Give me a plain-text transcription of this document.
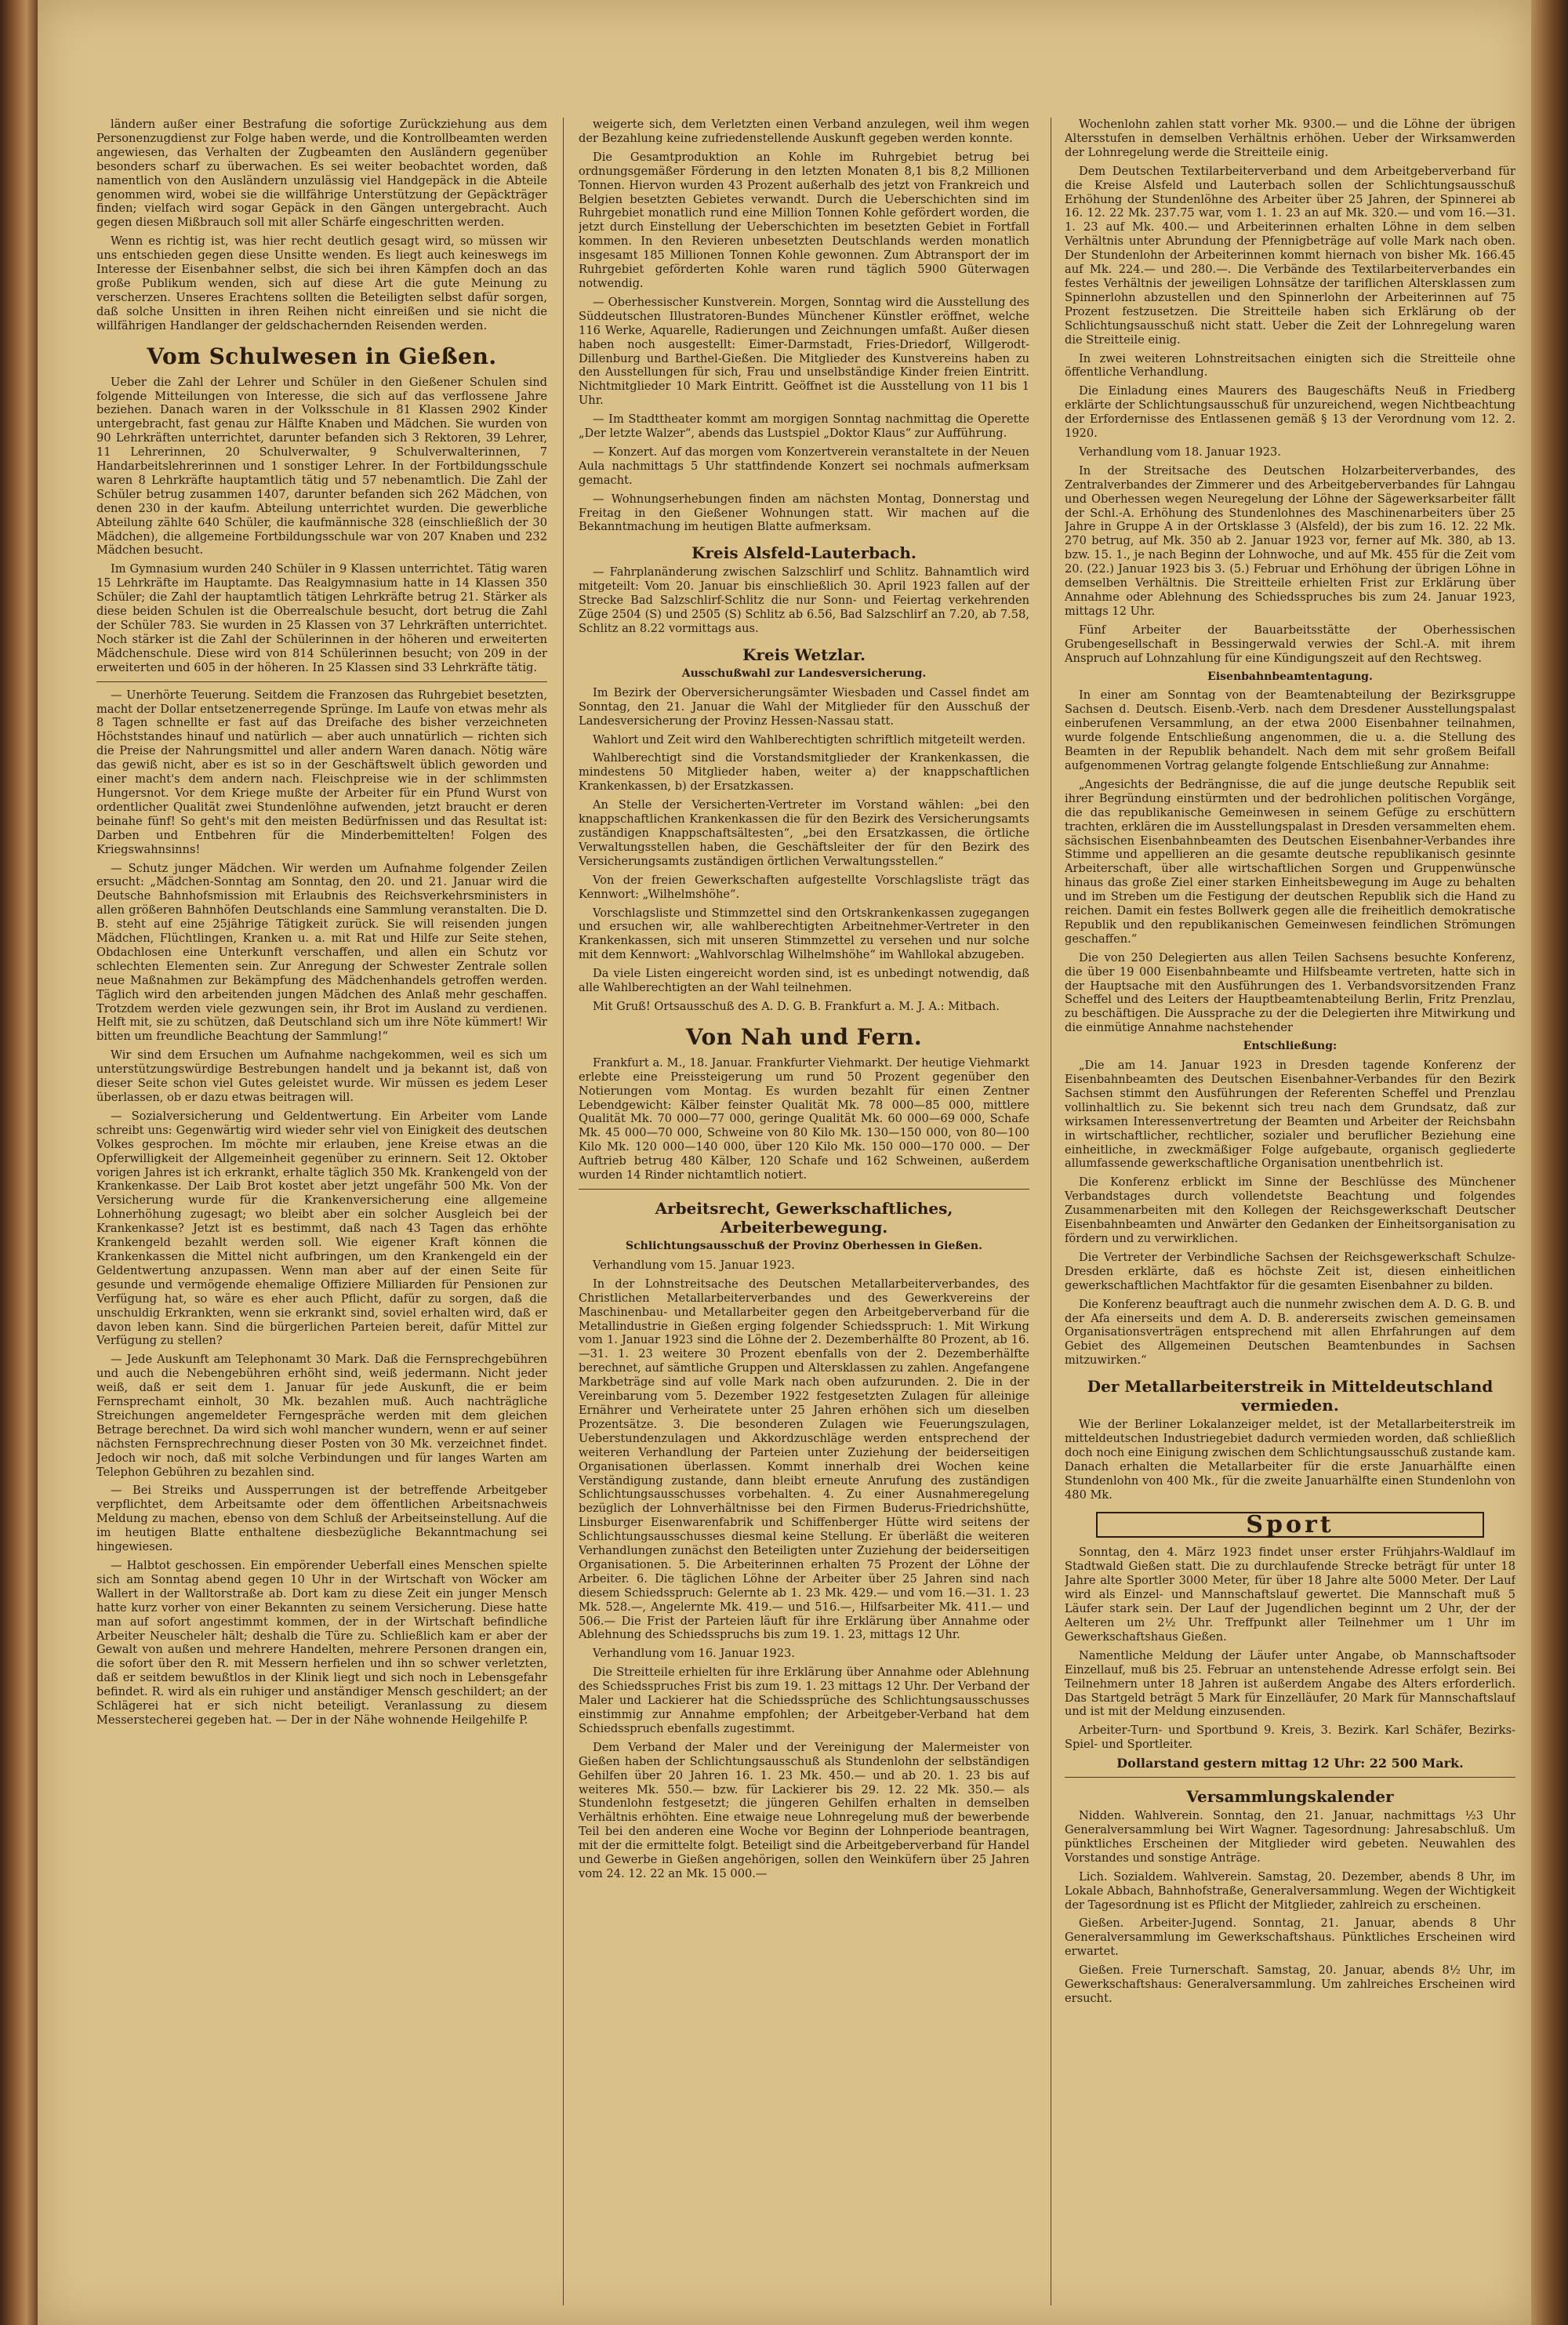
ländern außer einer Bestrafung die sofortige Zurückziehung aus dem Personenzugdienst zur Folge haben werde, und die Kontrollbeamten werden angewiesen, das Verhalten der Zugbeamten den Ausländern gegenüber besonders scharf zu überwachen. Es sei weiter beobachtet worden, daß namentlich von den Ausländern unzulässig viel Handgepäck in die Abteile genommen wird, wobei sie die willfährige Unterstützung der Gepäckträger finden; vielfach wird sogar Gepäck in den Gängen untergebracht. Auch gegen diesen Mißbrauch soll mit aller Schärfe eingeschritten werden.

Wenn es richtig ist, was hier recht deutlich gesagt wird, so müssen wir uns entschieden gegen diese Unsitte wenden. Es liegt auch keineswegs im Interesse der Eisenbahner selbst, die sich bei ihren Kämpfen doch an das große Publikum wenden, sich auf diese Art die gute Meinung zu verscherzen. Unseres Erachtens sollten die Beteiligten selbst dafür sorgen, daß solche Unsitten in ihren Reihen nicht einreißen und sie nicht die willfährigen Handlanger der geldschachernden Reisenden werden.

Vom Schulwesen in Gießen.

Ueber die Zahl der Lehrer und Schüler in den Gießener Schulen sind folgende Mitteilungen von Interesse, die sich auf das verflossene Jahre beziehen. Danach waren in der Volksschule in 81 Klassen 2902 Kinder untergebracht, fast genau zur Hälfte Knaben und Mädchen. Sie wurden von 90 Lehrkräften unterrichtet, darunter befanden sich 3 Rektoren, 39 Lehrer, 11 Lehrerinnen, 20 Schulverwalter, 9 Schulverwalterinnen, 7 Handarbeitslehrerinnen und 1 sonstiger Lehrer. In der Fortbildungsschule waren 8 Lehrkräfte hauptamtlich tätig und 57 nebenamtlich. Die Zahl der Schüler betrug zusammen 1407, darunter befanden sich 262 Mädchen, von denen 230 in der kaufm. Abteilung unterrichtet wurden. Die gewerbliche Abteilung zählte 640 Schüler, die kaufmännische 328 (einschließlich der 30 Mädchen), die allgemeine Fortbildungsschule war von 207 Knaben und 232 Mädchen besucht.

Im Gymnasium wurden 240 Schüler in 9 Klassen unterrichtet. Tätig waren 15 Lehrkräfte im Hauptamte. Das Realgymnasium hatte in 14 Klassen 350 Schüler; die Zahl der hauptamtlich tätigen Lehrkräfte betrug 21. Stärker als diese beiden Schulen ist die Oberrealschule besucht, dort betrug die Zahl der Schüler 783. Sie wurden in 25 Klassen von 37 Lehrkräften unterrichtet. Noch stärker ist die Zahl der Schülerinnen in der höheren und erweiterten Mädchenschule. Diese wird von 814 Schülerinnen besucht; von 209 in der erweiterten und 605 in der höheren. In 25 Klassen sind 33 Lehrkräfte tätig.

— Unerhörte Teuerung. Seitdem die Franzosen das Ruhrgebiet besetzten, macht der Dollar entsetzenerregende Sprünge. Im Laufe von etwas mehr als 8 Tagen schnellte er fast auf das Dreifache des bisher verzeichneten Höchststandes hinauf und natürlich — aber auch unnatürlich — richten sich die Preise der Nahrungsmittel und aller andern Waren danach. Nötig wäre das gewiß nicht, aber es ist so in der Geschäftswelt üblich geworden und einer macht's dem andern nach. Fleischpreise wie in der schlimmsten Hungersnot. Vor dem Kriege mußte der Arbeiter für ein Pfund Wurst von ordentlicher Qualität zwei Stundenlöhne aufwenden, jetzt braucht er deren beinahe fünf! So geht's mit den meisten Bedürfnissen und das Resultat ist: Darben und Entbehren für die Minderbemittelten! Folgen des Kriegswahnsinns!

— Schutz junger Mädchen. Wir werden um Aufnahme folgender Zeilen ersucht: „Mädchen-Sonntag am Sonntag, den 20. und 21. Januar wird die Deutsche Bahnhofsmission mit Erlaubnis des Reichsverkehrsministers in allen größeren Bahnhöfen Deutschlands eine Sammlung veranstalten. Die D. B. steht auf eine 25jährige Tätigkeit zurück. Sie will reisenden jungen Mädchen, Flüchtlingen, Kranken u. a. mit Rat und Hilfe zur Seite stehen, Obdachlosen eine Unterkunft verschaffen, und allen ein Schutz vor schlechten Elementen sein. Zur Anregung der Schwester Zentrale sollen neue Maßnahmen zur Bekämpfung des Mädchenhandels getroffen werden. Täglich wird den arbeitenden jungen Mädchen des Anlaß mehr geschaffen. Trotzdem werden viele gezwungen sein, ihr Brot im Ausland zu verdienen. Helft mit, sie zu schützen, daß Deutschland sich um ihre Nöte kümmert! Wir bitten um freundliche Beachtung der Sammlung!“

Wir sind dem Ersuchen um Aufnahme nachgekommen, weil es sich um unterstützungswürdige Bestrebungen handelt und ja bekannt ist, daß von dieser Seite schon viel Gutes geleistet wurde. Wir müssen es jedem Leser überlassen, ob er dazu etwas beitragen will.

— Sozialversicherung und Geldentwertung. Ein Arbeiter vom Lande schreibt uns: Gegenwärtig wird wieder sehr viel von Einigkeit des deutschen Volkes gesprochen. Im möchte mir erlauben, jene Kreise etwas an die Opferwilligkeit der Allgemeinheit gegenüber zu erinnern. Seit 12. Oktober vorigen Jahres ist ich erkrankt, erhalte täglich 350 Mk. Krankengeld von der Krankenkasse. Der Laib Brot kostet aber jetzt ungefähr 500 Mk. Von der Versicherung wurde für die Krankenversicherung eine allgemeine Lohnerhöhung zugesagt; wo bleibt aber ein solcher Ausgleich bei der Krankenkasse? Jetzt ist es bestimmt, daß nach 43 Tagen das erhöhte Krankengeld bezahlt werden soll. Wie eigener Kraft können die Krankenkassen die Mittel nicht aufbringen, um den Krankengeld ein der Geldentwertung anzupassen. Wenn man aber auf der einen Seite für gesunde und vermögende ehemalige Offiziere Milliarden für Pensionen zur Verfügung hat, so wäre es eher auch Pflicht, dafür zu sorgen, daß die unschuldig Erkrankten, wenn sie erkrankt sind, soviel erhalten wird, daß er davon leben kann. Sind die bürgerlichen Parteien bereit, dafür Mittel zur Verfügung zu stellen?

— Jede Auskunft am Telephonamt 30 Mark. Daß die Fernsprechgebühren und auch die Nebengebühren erhöht sind, weiß jedermann. Nicht jeder weiß, daß er seit dem 1. Januar für jede Auskunft, die er beim Fernsprechamt einholt, 30 Mk. bezahlen muß. Auch nachträgliche Streichungen angemeldeter Ferngespräche werden mit dem gleichen Betrage berechnet. Da wird sich wohl mancher wundern, wenn er auf seiner nächsten Fernsprechrechnung dieser Posten von 30 Mk. verzeichnet findet. Jedoch wir noch, daß mit solche Verbindungen und für langes Warten am Telephon Gebühren zu bezahlen sind.

— Bei Streiks und Aussperrungen ist der betreffende Arbeitgeber verpflichtet, dem Arbeitsamte oder dem öffentlichen Arbeitsnachweis Meldung zu machen, ebenso von dem Schluß der Arbeitseinstellung. Auf die im heutigen Blatte enthaltene diesbezügliche Bekanntmachung sei hingewiesen.

— Halbtot geschossen. Ein empörender Ueberfall eines Menschen spielte sich am Sonntag abend gegen 10 Uhr in der Wirtschaft von Wöcker am Wallert in der Walltorstraße ab. Dort kam zu diese Zeit ein junger Mensch hatte kurz vorher von einer Bekannten zu seinem Versicherung. Diese hatte man auf sofort angestimmt kommen, der in der Wirtschaft befindliche Arbeiter Neuscheler hält; deshalb die Türe zu. Schließlich kam er aber der Gewalt von außen und mehrere Handelten, mehrere Personen drangen ein, die sofort über den R. mit Messern herfielen und ihn so schwer verletzten, daß er seitdem bewußtlos in der Klinik liegt und sich noch in Lebensgefahr befindet. R. wird als ein ruhiger und anständiger Mensch geschildert; an der Schlägerei hat er sich nicht beteiligt. Veranlassung zu diesem Messerstecherei gegeben hat. — Der in der Nähe wohnende Heilgehilfe P.

weigerte sich, dem Verletzten einen Verband anzulegen, weil ihm wegen der Bezahlung keine zufriedenstellende Auskunft gegeben werden konnte.

Die Gesamtproduktion an Kohle im Ruhrgebiet betrug bei ordnungsgemäßer Förderung in den letzten Monaten 8,1 bis 8,2 Millionen Tonnen. Hiervon wurden 43 Prozent außerhalb des jetzt von Frankreich und Belgien besetzten Gebietes verwandt. Durch die Ueberschichten sind im Ruhrgebiet monatlich rund eine Million Tonnen Kohle gefördert worden, die jetzt durch Einstellung der Ueberschichten im besetzten Gebiet in Fortfall kommen. In den Revieren unbesetzten Deutschlands werden monatlich insgesamt 185 Millionen Tonnen Kohle gewonnen. Zum Abtransport der im Ruhrgebiet geförderten Kohle waren rund täglich 5900 Güterwagen notwendig.

— Oberhessischer Kunstverein. Morgen, Sonntag wird die Ausstellung des Süddeutschen Illustratoren-Bundes Münchener Künstler eröffnet, welche 116 Werke, Aquarelle, Radierungen und Zeichnungen umfaßt. Außer diesen haben noch ausgestellt: Eimer-Darmstadt, Fries-Driedorf, Willgerodt-Dillenburg und Barthel-Gießen. Die Mitglieder des Kunstvereins haben zu den Ausstellungen für sich, Frau und unselbständige Kinder freien Eintritt. Nichtmitglieder 10 Mark Eintritt. Geöffnet ist die Ausstellung von 11 bis 1 Uhr.

— Im Stadttheater kommt am morgigen Sonntag nachmittag die Operette „Der letzte Walzer“, abends das Lustspiel „Doktor Klaus“ zur Aufführung.

— Konzert. Auf das morgen vom Konzertverein veranstaltete in der Neuen Aula nachmittags 5 Uhr stattfindende Konzert sei nochmals aufmerksam gemacht.

— Wohnungserhebungen finden am nächsten Montag, Donnerstag und Freitag in den Gießener Wohnungen statt. Wir machen auf die Bekanntmachung im heutigen Blatte aufmerksam.

Kreis Alsfeld-Lauterbach.

— Fahrplanänderung zwischen Salzschlirf und Schlitz. Bahnamtlich wird mitgeteilt: Vom 20. Januar bis einschließlich 30. April 1923 fallen auf der Strecke Bad Salzschlirf-Schlitz die nur Sonn- und Feiertag verkehrenden Züge 2504 (S) und 2505 (S) Schlitz ab 6.56, Bad Salzschlirf an 7.20, ab 7.58, Schlitz an 8.22 vormittags aus.

Kreis Wetzlar.
Ausschußwahl zur Landesversicherung.

Im Bezirk der Oberversicherungsämter Wiesbaden und Cassel findet am Sonntag, den 21. Januar die Wahl der Mitglieder für den Ausschuß der Landesversicherung der Provinz Hessen-Nassau statt.

Wahlort und Zeit wird den Wahlberechtigten schriftlich mitgeteilt werden.

Wahlberechtigt sind die Vorstandsmitglieder der Krankenkassen, die mindestens 50 Mitglieder haben, weiter a) der knappschaftlichen Krankenkassen, b) der Ersatzkassen.

An Stelle der Versicherten-Vertreter im Vorstand wählen: „bei den knappschaftlichen Krankenkassen die für den Bezirk des Versicherungsamts zuständigen Knappschaftsältesten“, „bei den Ersatzkassen, die örtliche Verwaltungsstellen haben, die Geschäftsleiter der für den Bezirk des Versicherungsamts zuständigen örtlichen Verwaltungsstellen.“

Von der freien Gewerkschaften aufgestellte Vorschlagsliste trägt das Kennwort: „Wilhelmshöhe“.

Vorschlagsliste und Stimmzettel sind den Ortskrankenkassen zugegangen und ersuchen wir, alle wahlberechtigten Arbeitnehmer-Vertreter in den Krankenkassen, sich mit unseren Stimmzettel zu versehen und nur solche mit dem Kennwort: „Wahlvorschlag Wilhelmshöhe“ im Wahllokal abzugeben.

Da viele Listen eingereicht worden sind, ist es unbedingt notwendig, daß alle Wahlberechtigten an der Wahl teilnehmen.

Mit Gruß! Ortsausschuß des A. D. G. B. Frankfurt a. M. J. A.: Mitbach.

Von Nah und Fern.

Frankfurt a. M., 18. Januar. Frankfurter Viehmarkt. Der heutige Viehmarkt erlebte eine Preissteigerung um rund 50 Prozent gegenüber den Notierungen vom Montag. Es wurden bezahlt für einen Zentner Lebendgewicht: Kälber feinster Qualität Mk. 78 000—85 000, mittlere Qualität Mk. 70 000—77 000, geringe Qualität Mk. 60 000—69 000, Schafe Mk. 45 000—70 000, Schweine von 80 Kilo Mk. 130—150 000, von 80—100 Kilo Mk. 120 000—140 000, über 120 Kilo Mk. 150 000—170 000. — Der Auftrieb betrug 480 Kälber, 120 Schafe und 162 Schweinen, außerdem wurden 14 Rinder nichtamtlich notiert.

Arbeitsrecht, Gewerkschaftliches, Arbeiterbewegung.
Schlichtungsausschuß der Provinz Oberhessen in Gießen.

Verhandlung vom 15. Januar 1923.

In der Lohnstreitsache des Deutschen Metallarbeiterverbandes, des Christlichen Metallarbeiterverbandes und des Gewerkvereins der Maschinenbau- und Metallarbeiter gegen den Arbeitgeberverband für die Metallindustrie in Gießen erging folgender Schiedsspruch: 1. Mit Wirkung vom 1. Januar 1923 sind die Löhne der 2. Dezemberhälfte 80 Prozent, ab 16.—31. 1. 23 weitere 30 Prozent ebenfalls von der 2. Dezemberhälfte berechnet, auf sämtliche Gruppen und Altersklassen zu zahlen. Angefangene Markbeträge sind auf volle Mark nach oben aufzurunden. 2. Die in der Vereinbarung vom 5. Dezember 1922 festgesetzten Zulagen für alleinige Ernährer und Verheiratete unter 25 Jahren erhöhen sich um dieselben Prozentsätze. 3. Die besonderen Zulagen wie Feuerungszulagen, Ueberstundenzulagen und Akkordzuschläge werden entsprechend der weiteren Verhandlung der Parteien unter Zuziehung der beiderseitigen Organisationen überlassen. Kommt innerhalb drei Wochen keine Verständigung zustande, dann bleibt erneute Anrufung des zuständigen Schlichtungsausschusses vorbehalten. 4. Zu einer Ausnahmeregelung bezüglich der Lohnverhältnisse bei den Firmen Buderus-Friedrichshütte, Linsburger Eisenwarenfabrik und Schiffenberger Hütte wird seitens der Schlichtungsausschusses diesmal keine Stellung. Er überläßt die weiteren Verhandlungen zunächst den Beteiligten unter Zuziehung der beiderseitigen Organisationen. 5. Die Arbeiterinnen erhalten 75 Prozent der Löhne der Arbeiter. 6. Die täglichen Löhne der Arbeiter über 25 Jahren sind nach diesem Schiedsspruch: Gelernte ab 1. 23 Mk. 429.— und vom 16.—31. 1. 23 Mk. 528.—, Angelernte Mk. 419.— und 516.—, Hilfsarbeiter Mk. 411.— und 506.— Die Frist der Parteien läuft für ihre Erklärung über Annahme oder Ablehnung des Schiedsspruchs bis zum 19. 1. 23, mittags 12 Uhr.

Verhandlung vom 16. Januar 1923.

Die Streitteile erhielten für ihre Erklärung über Annahme oder Ablehnung des Schiedsspruches Frist bis zum 19. 1. 23 mittags 12 Uhr. Der Verband der Maler und Lackierer hat die Schiedssprüche des Schlichtungsausschusses einstimmig zur Annahme empfohlen; der Arbeitgeber-Verband hat dem Schiedsspruch ebenfalls zugestimmt.

Dem Verband der Maler und der Vereinigung der Malermeister von Gießen haben der Schlichtungsausschuß als Stundenlohn der selbständigen Gehilfen über 20 Jahren 16. 1. 23 Mk. 450.— und ab 20. 1. 23 bis auf weiteres Mk. 550.— bzw. für Lackierer bis 29. 12. 22 Mk. 350.— als Stundenlohn festgesetzt; die jüngeren Gehilfen erhalten in demselben Verhältnis erhöhten. Eine etwaige neue Lohnregelung muß der bewerbende Teil bei den anderen eine Woche vor Beginn der Lohnperiode beantragen, mit der die ermittelte folgt. Beteiligt sind die Arbeitgeberverband für Handel und Gewerbe in Gießen angehörigen, sollen den Weinküfern über 25 Jahren vom 24. 12. 22 an Mk. 15 000.—

Wochenlohn zahlen statt vorher Mk. 9300.— und die Löhne der übrigen Altersstufen in demselben Verhältnis erhöhen. Ueber der Wirksamwerden der Lohnregelung werde die Streitteile einig.

Dem Deutschen Textilarbeiterverband und dem Arbeitgeberverband für die Kreise Alsfeld und Lauterbach sollen der Schlichtungsausschuß Erhöhung der Stundenlöhne des Arbeiter über 25 Jahren, der Spinnerei ab 16. 12. 22 Mk. 237.75 war, vom 1. 1. 23 an auf Mk. 320.— und vom 16.—31. 1. 23 auf Mk. 400.— und Arbeiterinnen erhalten Löhne in dem selben Verhältnis unter Abrundung der Pfennigbeträge auf volle Mark nach oben. Der Stundenlohn der Arbeiterinnen kommt hiernach von bisher Mk. 166.45 auf Mk. 224.— und 280.—. Die Verbände des Textilarbeiterverbandes ein festes Verhältnis der jeweiligen Lohnsätze der tariflichen Altersklassen zum Spinnerlohn abzustellen und den Spinnerlohn der Arbeiterinnen auf 75 Prozent festzusetzen. Die Streitteile haben sich Erklärung ob der Schlichtungsausschuß nicht statt. Ueber die Zeit der Lohnregelung waren die Streitteile einig.

In zwei weiteren Lohnstreitsachen einigten sich die Streitteile ohne öffentliche Verhandlung.

Die Einladung eines Maurers des Baugeschäfts Neuß in Friedberg erklärte der Schlichtungsausschuß für unzureichend, wegen Nichtbeachtung der Erfordernisse des Entlassenen gemäß § 13 der Verordnung vom 12. 2. 1920.

Verhandlung vom 18. Januar 1923.

In der Streitsache des Deutschen Holzarbeiterverbandes, des Zentralverbandes der Zimmerer und des Arbeitgeberverbandes für Lahngau und Oberhessen wegen Neuregelung der Löhne der Sägewerksarbeiter fällt der Schl.-A. Erhöhung des Stundenlohnes des Maschinenarbeiters über 25 Jahre in Gruppe A in der Ortsklasse 3 (Alsfeld), der bis zum 16. 12. 22 Mk. 270 betrug, auf Mk. 350 ab 2. Januar 1923 vor, ferner auf Mk. 380, ab 13. bzw. 15. 1., je nach Beginn der Lohnwoche, und auf Mk. 455 für die Zeit vom 20. (22.) Januar 1923 bis 3. (5.) Februar und Erhöhung der übrigen Löhne in demselben Verhältnis. Die Streitteile erhielten Frist zur Erklärung über Annahme oder Ablehnung des Schiedsspruches bis zum 24. Januar 1923, mittags 12 Uhr.

Fünf Arbeiter der Bauarbeitsstätte der Oberhessischen Grubengesellschaft in Bessingerwald verwies der Schl.-A. mit ihrem Anspruch auf Lohnzahlung für eine Kündigungszeit auf den Rechtsweg.

Eisenbahnbeamtentagung.

In einer am Sonntag von der Beamtenabteilung der Bezirksgruppe Sachsen d. Deutsch. Eisenb.-Verb. nach dem Dresdener Ausstellungspalast einberufenen Versammlung, an der etwa 2000 Eisenbahner teilnahmen, wurde folgende Entschließung angenommen, die u. a. die Stellung des Beamten in der Republik behandelt. Nach dem mit sehr großem Beifall aufgenommenen Vortrag gelangte folgende Entschließung zur Annahme:

„Angesichts der Bedrängnisse, die auf die junge deutsche Republik seit ihrer Begründung einstürmten und der bedrohlichen politischen Vorgänge, die das republikanische Gemeinwesen in seinem Gefüge zu erschüttern trachten, erklären die im Ausstellungspalast in Dresden versammelten ehem. sächsischen Eisenbahnbeamten des Deutschen Eisenbahner-Verbandes ihre Stimme und appellieren an die gesamte deutsche republikanisch gesinnte Arbeiterschaft, über alle wirtschaftlichen Sorgen und Gruppenwünsche hinaus das große Ziel einer starken Einheitsbewegung im Auge zu behalten und im Streben um die Festigung der deutschen Republik sich die Hand zu reichen. Damit ein festes Bollwerk gegen alle die freiheitlich demokratische Republik und den republikanischen Gemeinwesen feindlichen Strömungen geschaffen.“

Die von 250 Delegierten aus allen Teilen Sachsens besuchte Konferenz, die über 19 000 Eisenbahnbeamte und Hilfsbeamte vertreten, hatte sich in der Hauptsache mit den Ausführungen des 1. Verbandsvorsitzenden Franz Scheffel und des Leiters der Hauptbeamtenabteilung Berlin, Fritz Prenzlau, zu beschäftigen. Die Aussprache zu der die Delegierten ihre Mitwirkung und die einmütige Annahme nachstehender

Entschließung:

„Die am 14. Januar 1923 in Dresden tagende Konferenz der Eisenbahnbeamten des Deutschen Eisenbahner-Verbandes für den Bezirk Sachsen stimmt den Ausführungen der Referenten Scheffel und Prenzlau vollinhaltlich zu. Sie bekennt sich treu nach dem Grundsatz, daß zur wirksamen Interessenvertretung der Beamten und Arbeiter der Reichsbahn in wirtschaftlicher, rechtlicher, sozialer und beruflicher Beziehung eine einheitliche, in zweckmäßiger Folge aufgebaute, organisch gegliederte allumfassende gewerkschaftliche Organisation unentbehrlich ist.

Die Konferenz erblickt im Sinne der Beschlüsse des Münchener Verbandstages durch vollendetste Beachtung und folgendes Zusammenarbeiten mit den Kollegen der Reichsgewerkschaft Deutscher Eisenbahnbeamten und Anwärter den Gedanken der Einheitsorganisation zu fördern und zu verwirklichen.

Die Vertreter der Verbindliche Sachsen der Reichsgewerkschaft Schulze-Dresden erklärte, daß es höchste Zeit ist, diesen einheitlichen gewerkschaftlichen Machtfaktor für die gesamten Eisenbahner zu bilden.

Die Konferenz beauftragt auch die nunmehr zwischen dem A. D. G. B. und der Afa einerseits und dem A. D. B. andererseits zwischen gemeinsamen Organisationsverträgen entsprechend mit allen Ehrfahrungen auf dem Gebiet des Allgemeinen Deutschen Beamtenbundes in Sachsen mitzuwirken.“

Der Metallarbeiterstreik in Mitteldeutschland vermieden.

Wie der Berliner Lokalanzeiger meldet, ist der Metallarbeiterstreik im mitteldeutschen Industriegebiet dadurch vermieden worden, daß schließlich doch noch eine Einigung zwischen dem Schlichtungsausschuß zustande kam. Danach erhalten die Metallarbeiter für die erste Januarhälfte einen Stundenlohn von 400 Mk., für die zweite Januarhälfte einen Stundenlohn von 480 Mk.

Sport

Sonntag, den 4. März 1923 findet unser erster Frühjahrs-Waldlauf im Stadtwald Gießen statt. Die zu durchlaufende Strecke beträgt für unter 18 Jahre alte Sportler 3000 Meter, für über 18 Jahre alte 5000 Meter. Der Lauf wird als Einzel- und Mannschaftslauf gewertet. Die Mannschaft muß 5 Läufer stark sein. Der Lauf der Jugendlichen beginnt um 2 Uhr, der der Aelteren um 2½ Uhr. Treffpunkt aller Teilnehmer um 1 Uhr im Gewerkschaftshaus Gießen.

Namentliche Meldung der Läufer unter Angabe, ob Mannschaftsoder Einzellauf, muß bis 25. Februar an untenstehende Adresse erfolgt sein. Bei Teilnehmern unter 18 Jahren ist außerdem Angabe des Alters erforderlich. Das Startgeld beträgt 5 Mark für Einzelläufer, 20 Mark für Mannschaftslauf und ist mit der Meldung einzusenden.

Arbeiter-Turn- und Sportbund 9. Kreis, 3. Bezirk. Karl Schäfer, Bezirks-Spiel- und Sportleiter.

Dollarstand gestern mittag 12 Uhr: 22 500 Mark.
Versammlungskalender

Nidden. Wahlverein. Sonntag, den 21. Januar, nachmittags ½3 Uhr Generalversammlung bei Wirt Wagner. Tagesordnung: Jahresabschluß. Um pünktliches Erscheinen der Mitglieder wird gebeten. Neuwahlen des Vorstandes und sonstige Anträge.

Lich. Sozialdem. Wahlverein. Samstag, 20. Dezember, abends 8 Uhr, im Lokale Abbach, Bahnhofstraße, Generalversammlung. Wegen der Wichtigkeit der Tagesordnung ist es Pflicht der Mitglieder, zahlreich zu erscheinen.

Gießen. Arbeiter-Jugend. Sonntag, 21. Januar, abends 8 Uhr Generalversammlung im Gewerkschaftshaus. Pünktliches Erscheinen wird erwartet.

Gießen. Freie Turnerschaft. Samstag, 20. Januar, abends 8½ Uhr, im Gewerkschaftshaus: Generalversammlung. Um zahlreiches Erscheinen wird ersucht.
